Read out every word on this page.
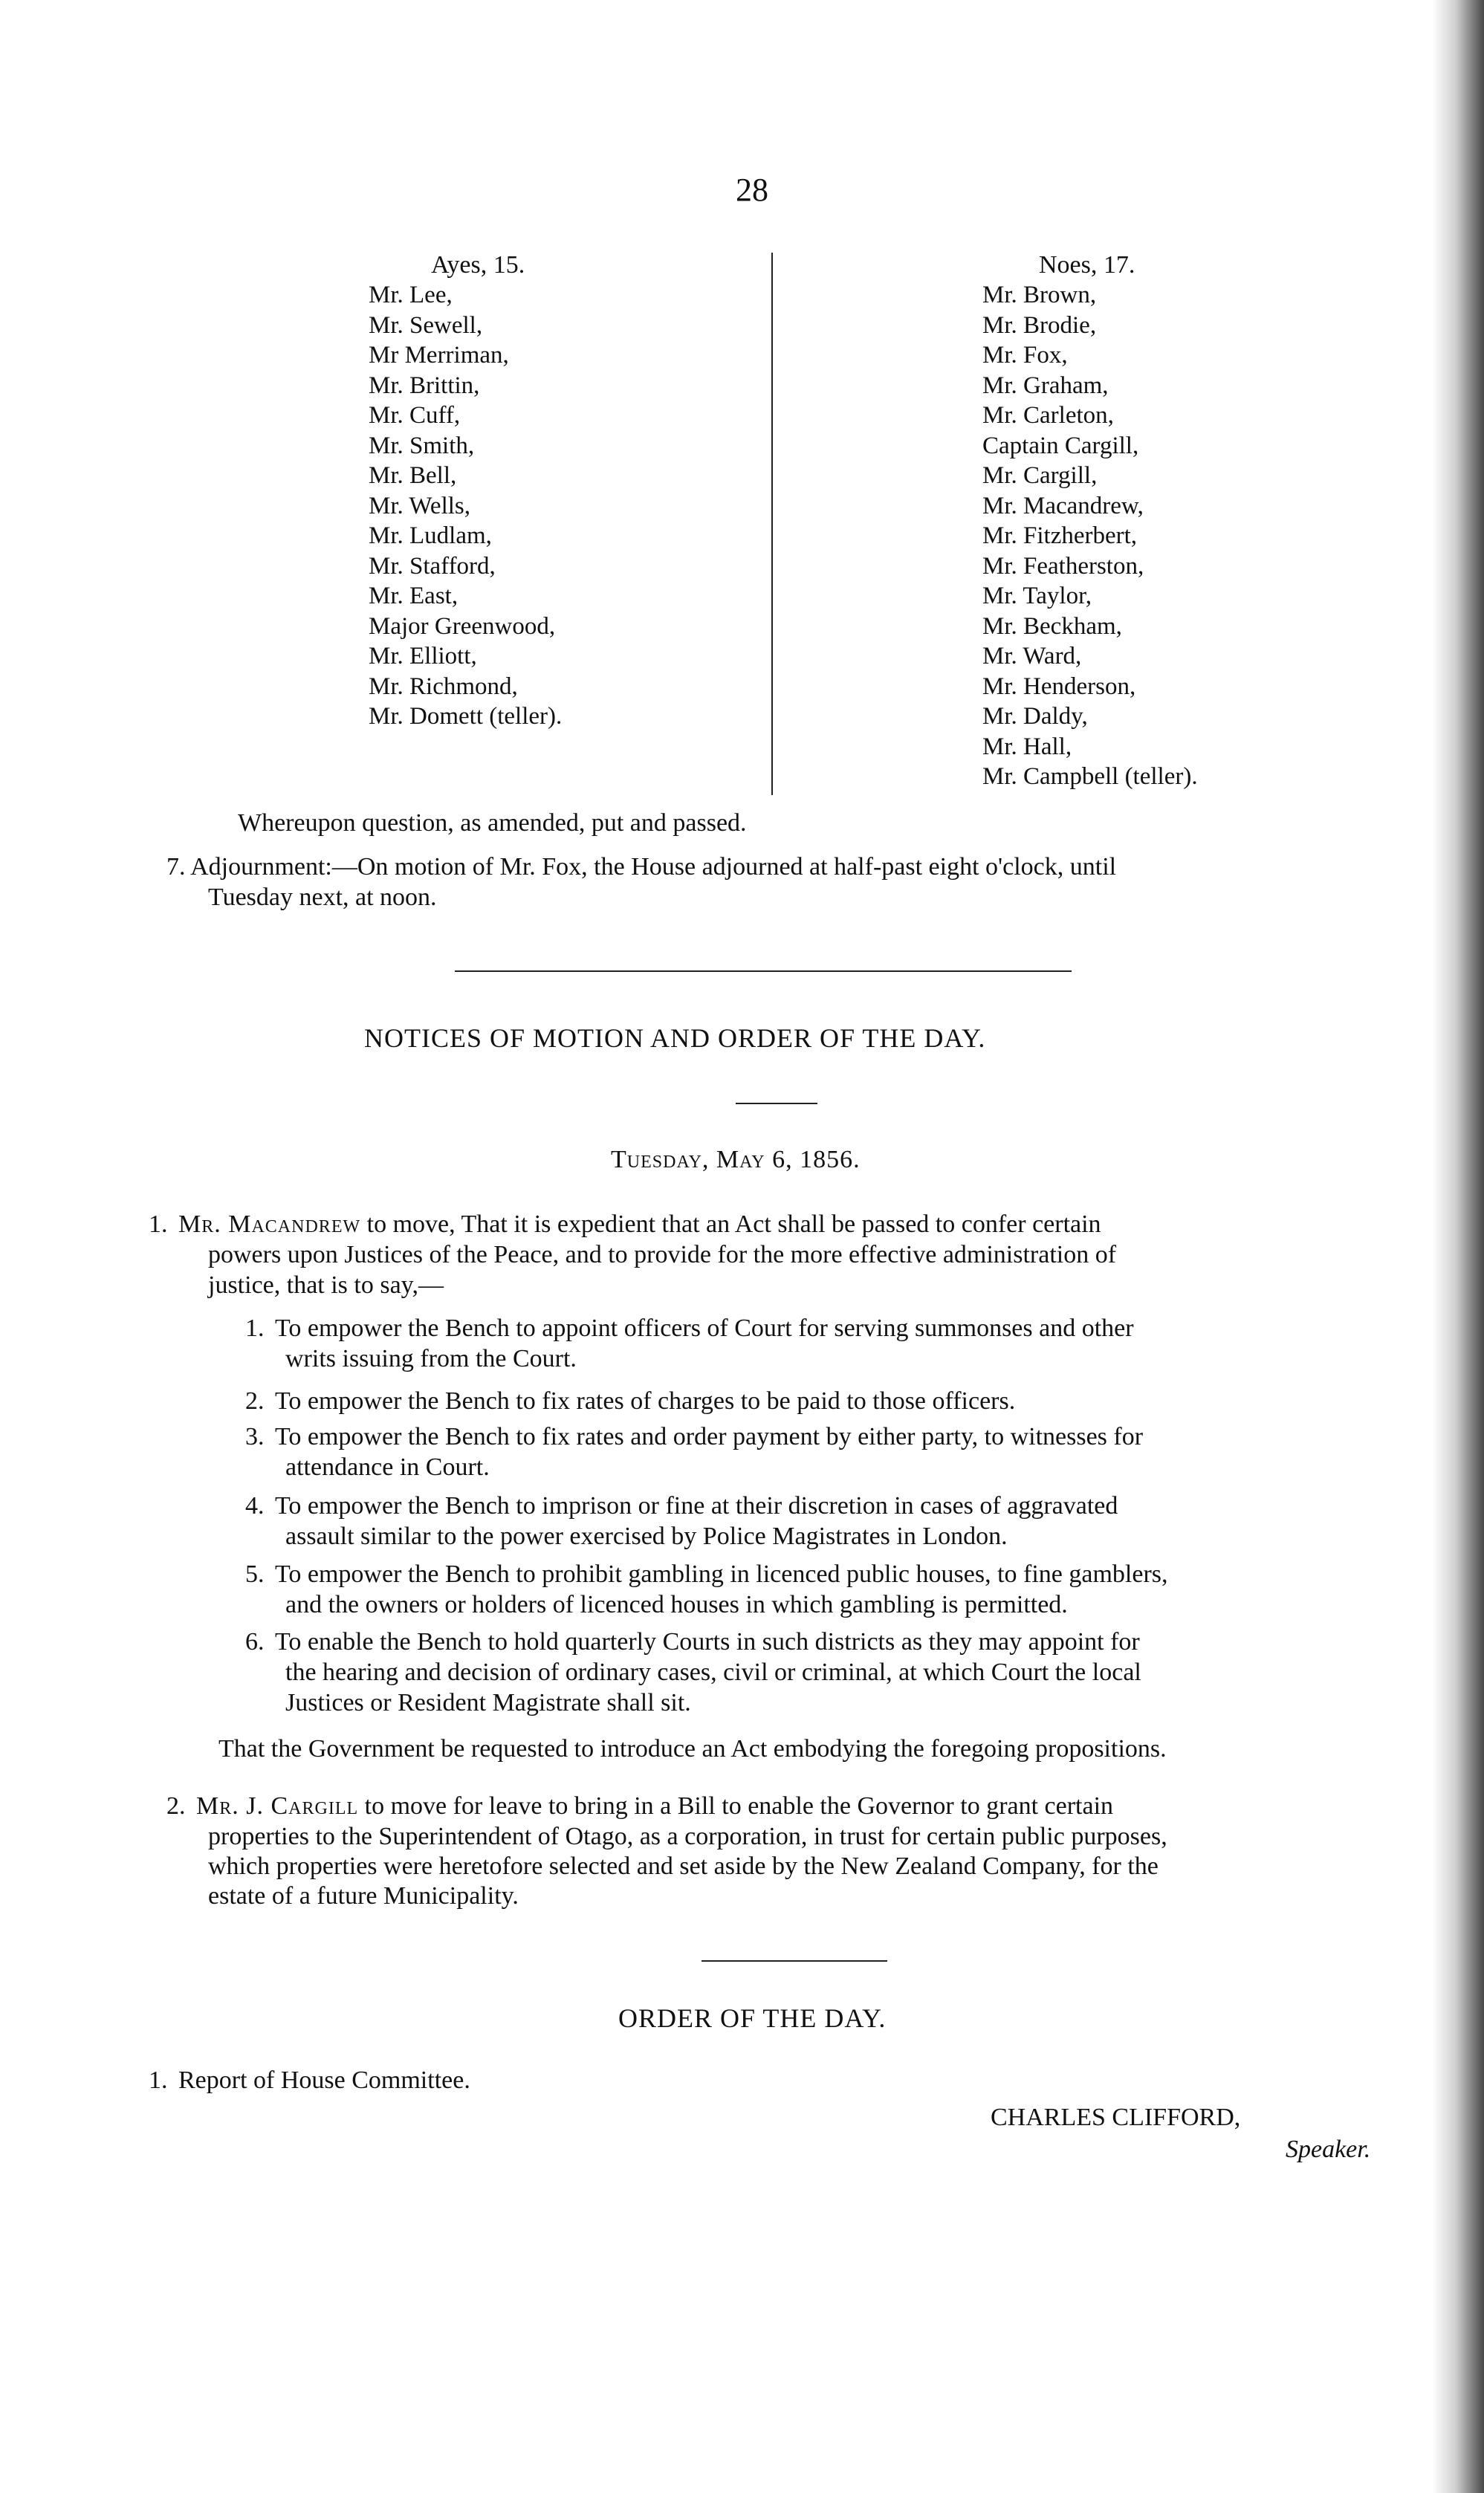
28
Ayes, 15.
Mr. Lee,
Mr. Sewell,
Mr Merriman,
Mr. Brittin,
Mr. Cuff,
Mr. Smith,
Mr. Bell,
Mr. Wells,
Mr. Ludlam,
Mr. Stafford,
Mr. East,
Major Greenwood,
Mr. Elliott,
Mr. Richmond,
Mr. Domett (teller).
Noes, 17.
Mr. Brown,
Mr. Brodie,
Mr. Fox,
Mr. Graham,
Mr. Carleton,
Captain Cargill,
Mr. Cargill,
Mr. Macandrew,
Mr. Fitzherbert,
Mr. Featherston,
Mr. Taylor,
Mr. Beckham,
Mr. Ward,
Mr. Henderson,
Mr. Daldy,
Mr. Hall,
Mr. Campbell (teller).
Whereupon question, as amended, put and passed.
7. Adjournment:—On motion of Mr. Fox, the House adjourned at half-past eight o'clock, until
Tuesday next, at noon.
NOTICES OF MOTION AND ORDER OF THE DAY.
Tuesday, May 6, 1856.
1. Mr. Macandrew to move, That it is expedient that an Act shall be passed to confer certain
powers upon Justices of the Peace, and to provide for the more effective administration of
justice, that is to say,—
1. To empower the Bench to appoint officers of Court for serving summonses and other
writs issuing from the Court.
2. To empower the Bench to fix rates of charges to be paid to those officers.
3. To empower the Bench to fix rates and order payment by either party, to witnesses for
attendance in Court.
4. To empower the Bench to imprison or fine at their discretion in cases of aggravated
assault similar to the power exercised by Police Magistrates in London.
5. To empower the Bench to prohibit gambling in licenced public houses, to fine gamblers,
and the owners or holders of licenced houses in which gambling is permitted.
6. To enable the Bench to hold quarterly Courts in such districts as they may appoint for
the hearing and decision of ordinary cases, civil or criminal, at which Court the local
Justices or Resident Magistrate shall sit.
That the Government be requested to introduce an Act embodying the foregoing propositions.
2. Mr. J. Cargill to move for leave to bring in a Bill to enable the Governor to grant certain
properties to the Superintendent of Otago, as a corporation, in trust for certain public purposes,
which properties were heretofore selected and set aside by the New Zealand Company, for the
estate of a future Municipality.
ORDER OF THE DAY.
1. Report of House Committee.
CHARLES CLIFFORD,
Speaker.
